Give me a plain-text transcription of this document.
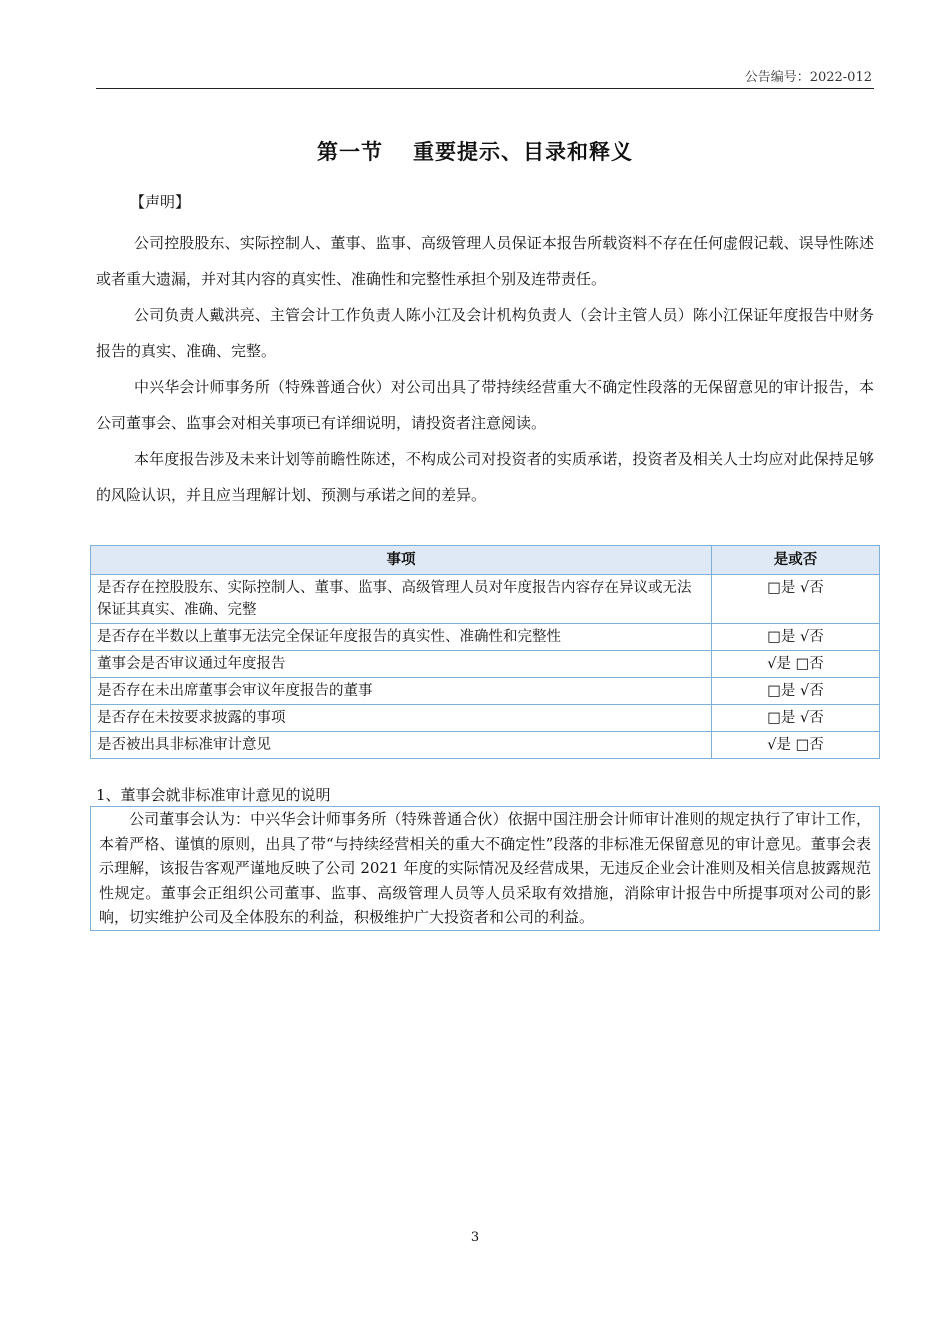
公告编号：2022-012
第一节 重要提示、目录和释义
【声明】

公司控股股东、实际控制人、董事、监事、高级管理人员保证本报告所载资料不存在任何虚假记载、误导性陈述或者重大遗漏，并对其内容的真实性、准确性和完整性承担个别及连带责任。

公司负责人戴洪亮、主管会计工作负责人陈小江及会计机构负责人（会计主管人员）陈小江保证年度报告中财务报告的真实、准确、完整。

中兴华会计师事务所（特殊普通合伙）对公司出具了带持续经营重大不确定性段落的无保留意见的审计报告，本公司董事会、监事会对相关事项已有详细说明，请投资者注意阅读。

本年度报告涉及未来计划等前瞻性陈述，不构成公司对投资者的实质承诺，投资者及相关人士均应对此保持足够的风险认识，并且应当理解计划、预测与承诺之间的差异。

事项	是或否
是否存在控股股东、实际控制人、董事、监事、高级管理人员对年度报告内容存在异议或无法保证其真实、准确、完整	□是 √否
是否存在半数以上董事无法完全保证年度报告的真实性、准确性和完整性	□是 √否
董事会是否审议通过年度报告	√是 □否
是否存在未出席董事会审议年度报告的董事	□是 √否
是否存在未按要求披露的事项	□是 √否
是否被出具非标准审计意见	√是 □否
1、董事会就非标准审计意见的说明
公司董事会认为：中兴华会计师事务所（特殊普通合伙）依据中国注册会计师审计准则的规定执行了审计工作，本着严格、谨慎的原则，出具了带“与持续经营相关的重大不确定性”段落的非标准无保留意见的审计意见。董事会表示理解，该报告客观严谨地反映了公司 2021 年度的实际情况及经营成果，无违反企业会计准则及相关信息披露规范性规定。董事会正组织公司董事、监事、高级管理人员等人员采取有效措施，消除审计报告中所提事项对公司的影响，切实维护公司及全体股东的利益，积极维护广大投资者和公司的利益。
3
